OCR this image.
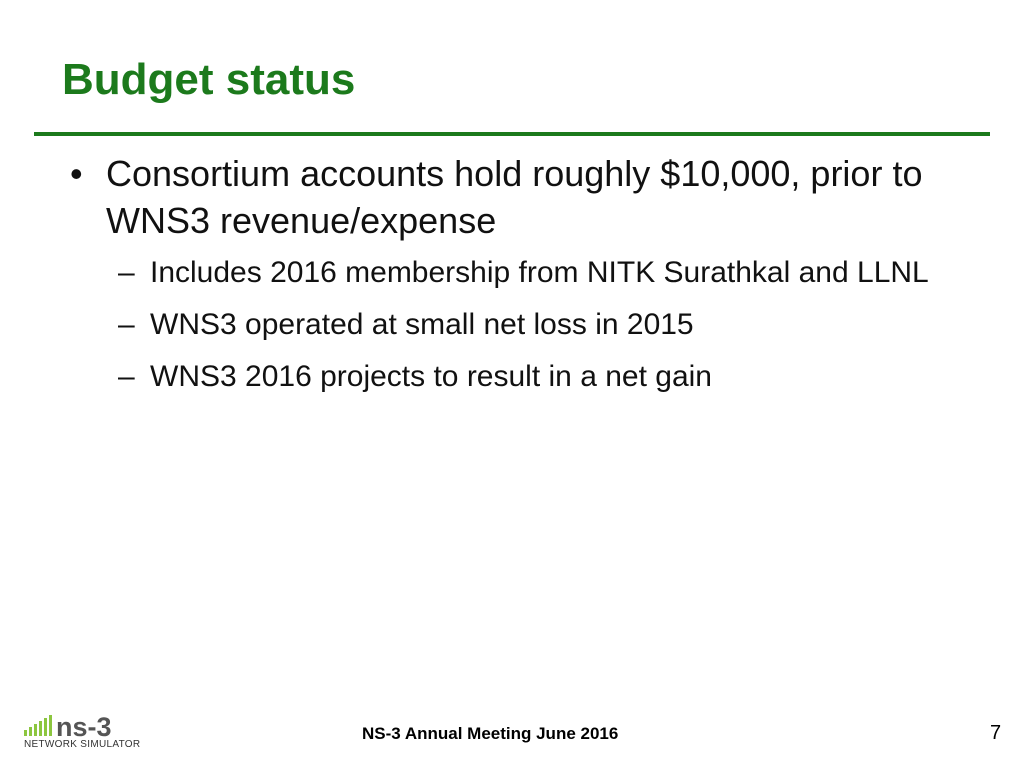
Budget status
• Consortium accounts hold roughly $10,000, prior to WNS3 revenue/expense
– Includes 2016 membership from NITK Surathkal and LLNL
– WNS3 operated at small net loss in 2015
– WNS3 2016 projects to result in a net gain
ns-3
NETWORK SIMULATOR
NS-3 Annual Meeting June 2016	7
